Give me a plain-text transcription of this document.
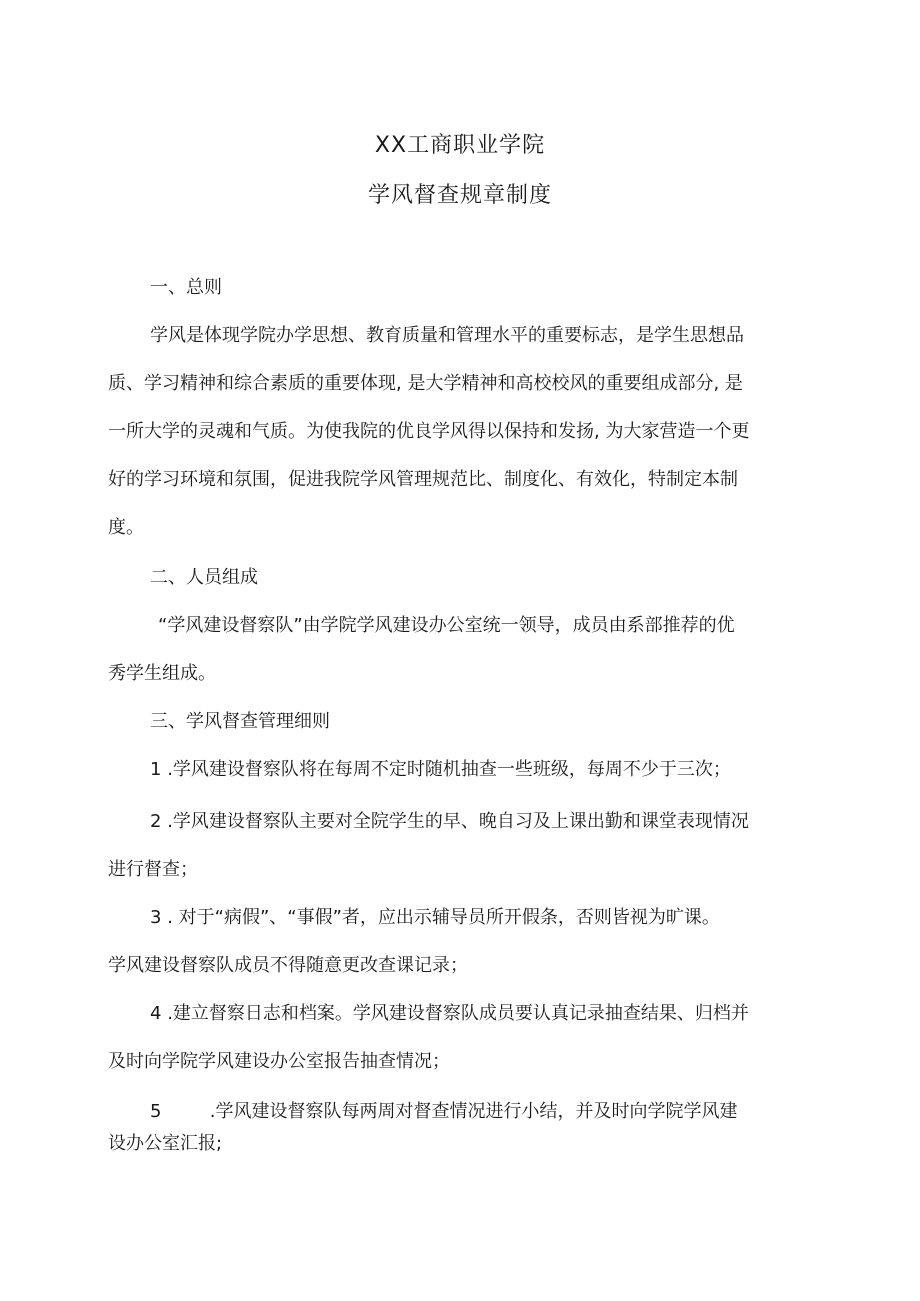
XX工商职业学院
学风督查规章制度
一、总则
学风是体现学院办学思想、教育质量和管理水平的重要标志，是学生思想品
质、学习精神和综合素质的重要体现, 是大学精神和高校校风的重要组成部分, 是
一所大学的灵魂和气质。为使我院的优良学风得以保持和发扬, 为大家营造一个更
好的学习环境和氛围，促进我院学风管理规范比、制度化、有效化，特制定本制
度。
二、人员组成
“学风建设督察队”由学院学风建设办公室统一领导，成员由系部推荐的优
秀学生组成。
三、学风督查管理细则
1 .学风建设督察队将在每周不定时随机抽查一些班级，每周不少于三次；
2 .学风建设督察队主要对全院学生的早、晚自习及上课出勤和课堂表现情况
进行督查；
3 . 对于“病假”、“事假”者，应出示辅导员所开假条，否则皆视为旷课。
学风建设督察队成员不得随意更改查课记录；
4 .建立督察日志和档案。学风建设督察队成员要认真记录抽查结果、归档并
及时向学院学风建设办公室报告抽查情况；
5	.学风建设督察队每两周对督查情况进行小结，并及时向学院学风建
设办公室汇报;
